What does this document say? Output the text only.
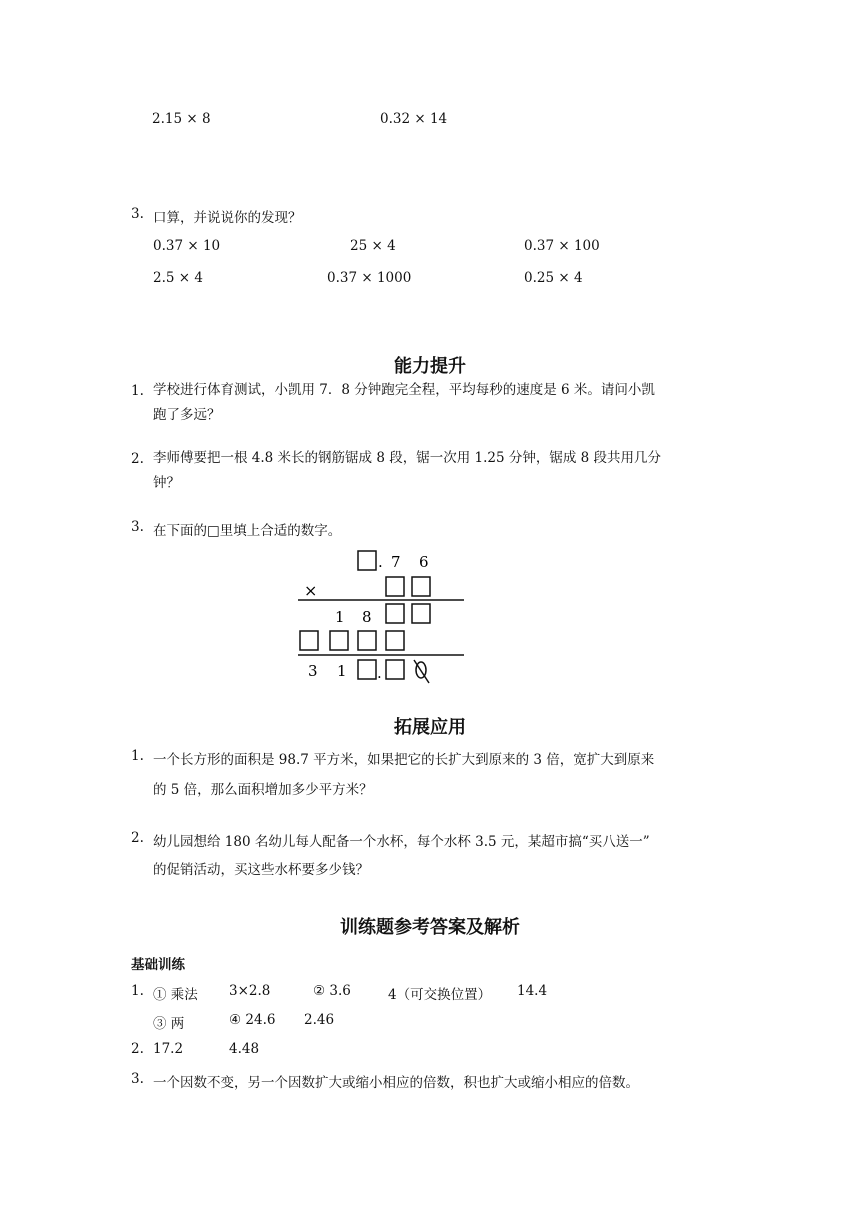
2.15 × 8	0.32 × 14
3. 口算，并说说你的发现？
0.37 × 10	25 × 4	0.37 × 100
2.5 × 4	0.37 × 1000	0.25 × 4
能力提升
1. 学校进行体育测试，小凯用 7．8 分钟跑完全程，平均每秒的速度是 6 米。请问小凯
跑了多远？
2. 李师傅要把一根 4.8 米长的钢筋锯成 8 段，锯一次用 1.25 分钟，锯成 8 段共用几分
钟？
3. 在下面的□里填上合适的数字。
. 7 6
×
1 8
3 1 .
拓展应用
1. 一个长方形的面积是 98.7 平方米，如果把它的长扩大到原来的 3 倍，宽扩大到原来
的 5 倍，那么面积增加多少平方米？
2. 幼儿园想给 180 名幼儿每人配备一个水杯，每个水杯 3.5 元，某超市搞“买八送一”
的促销活动，买这些水杯要多少钱？
训练题参考答案及解析
基础训练
1. ① 乘法 3×2.8	② 3.6	4（可交换位置） 14.4
③ 两	④ 24.6 2.46
2. 17.2	4.48
3. 一个因数不变，另一个因数扩大或缩小相应的倍数，积也扩大或缩小相应的倍数。
